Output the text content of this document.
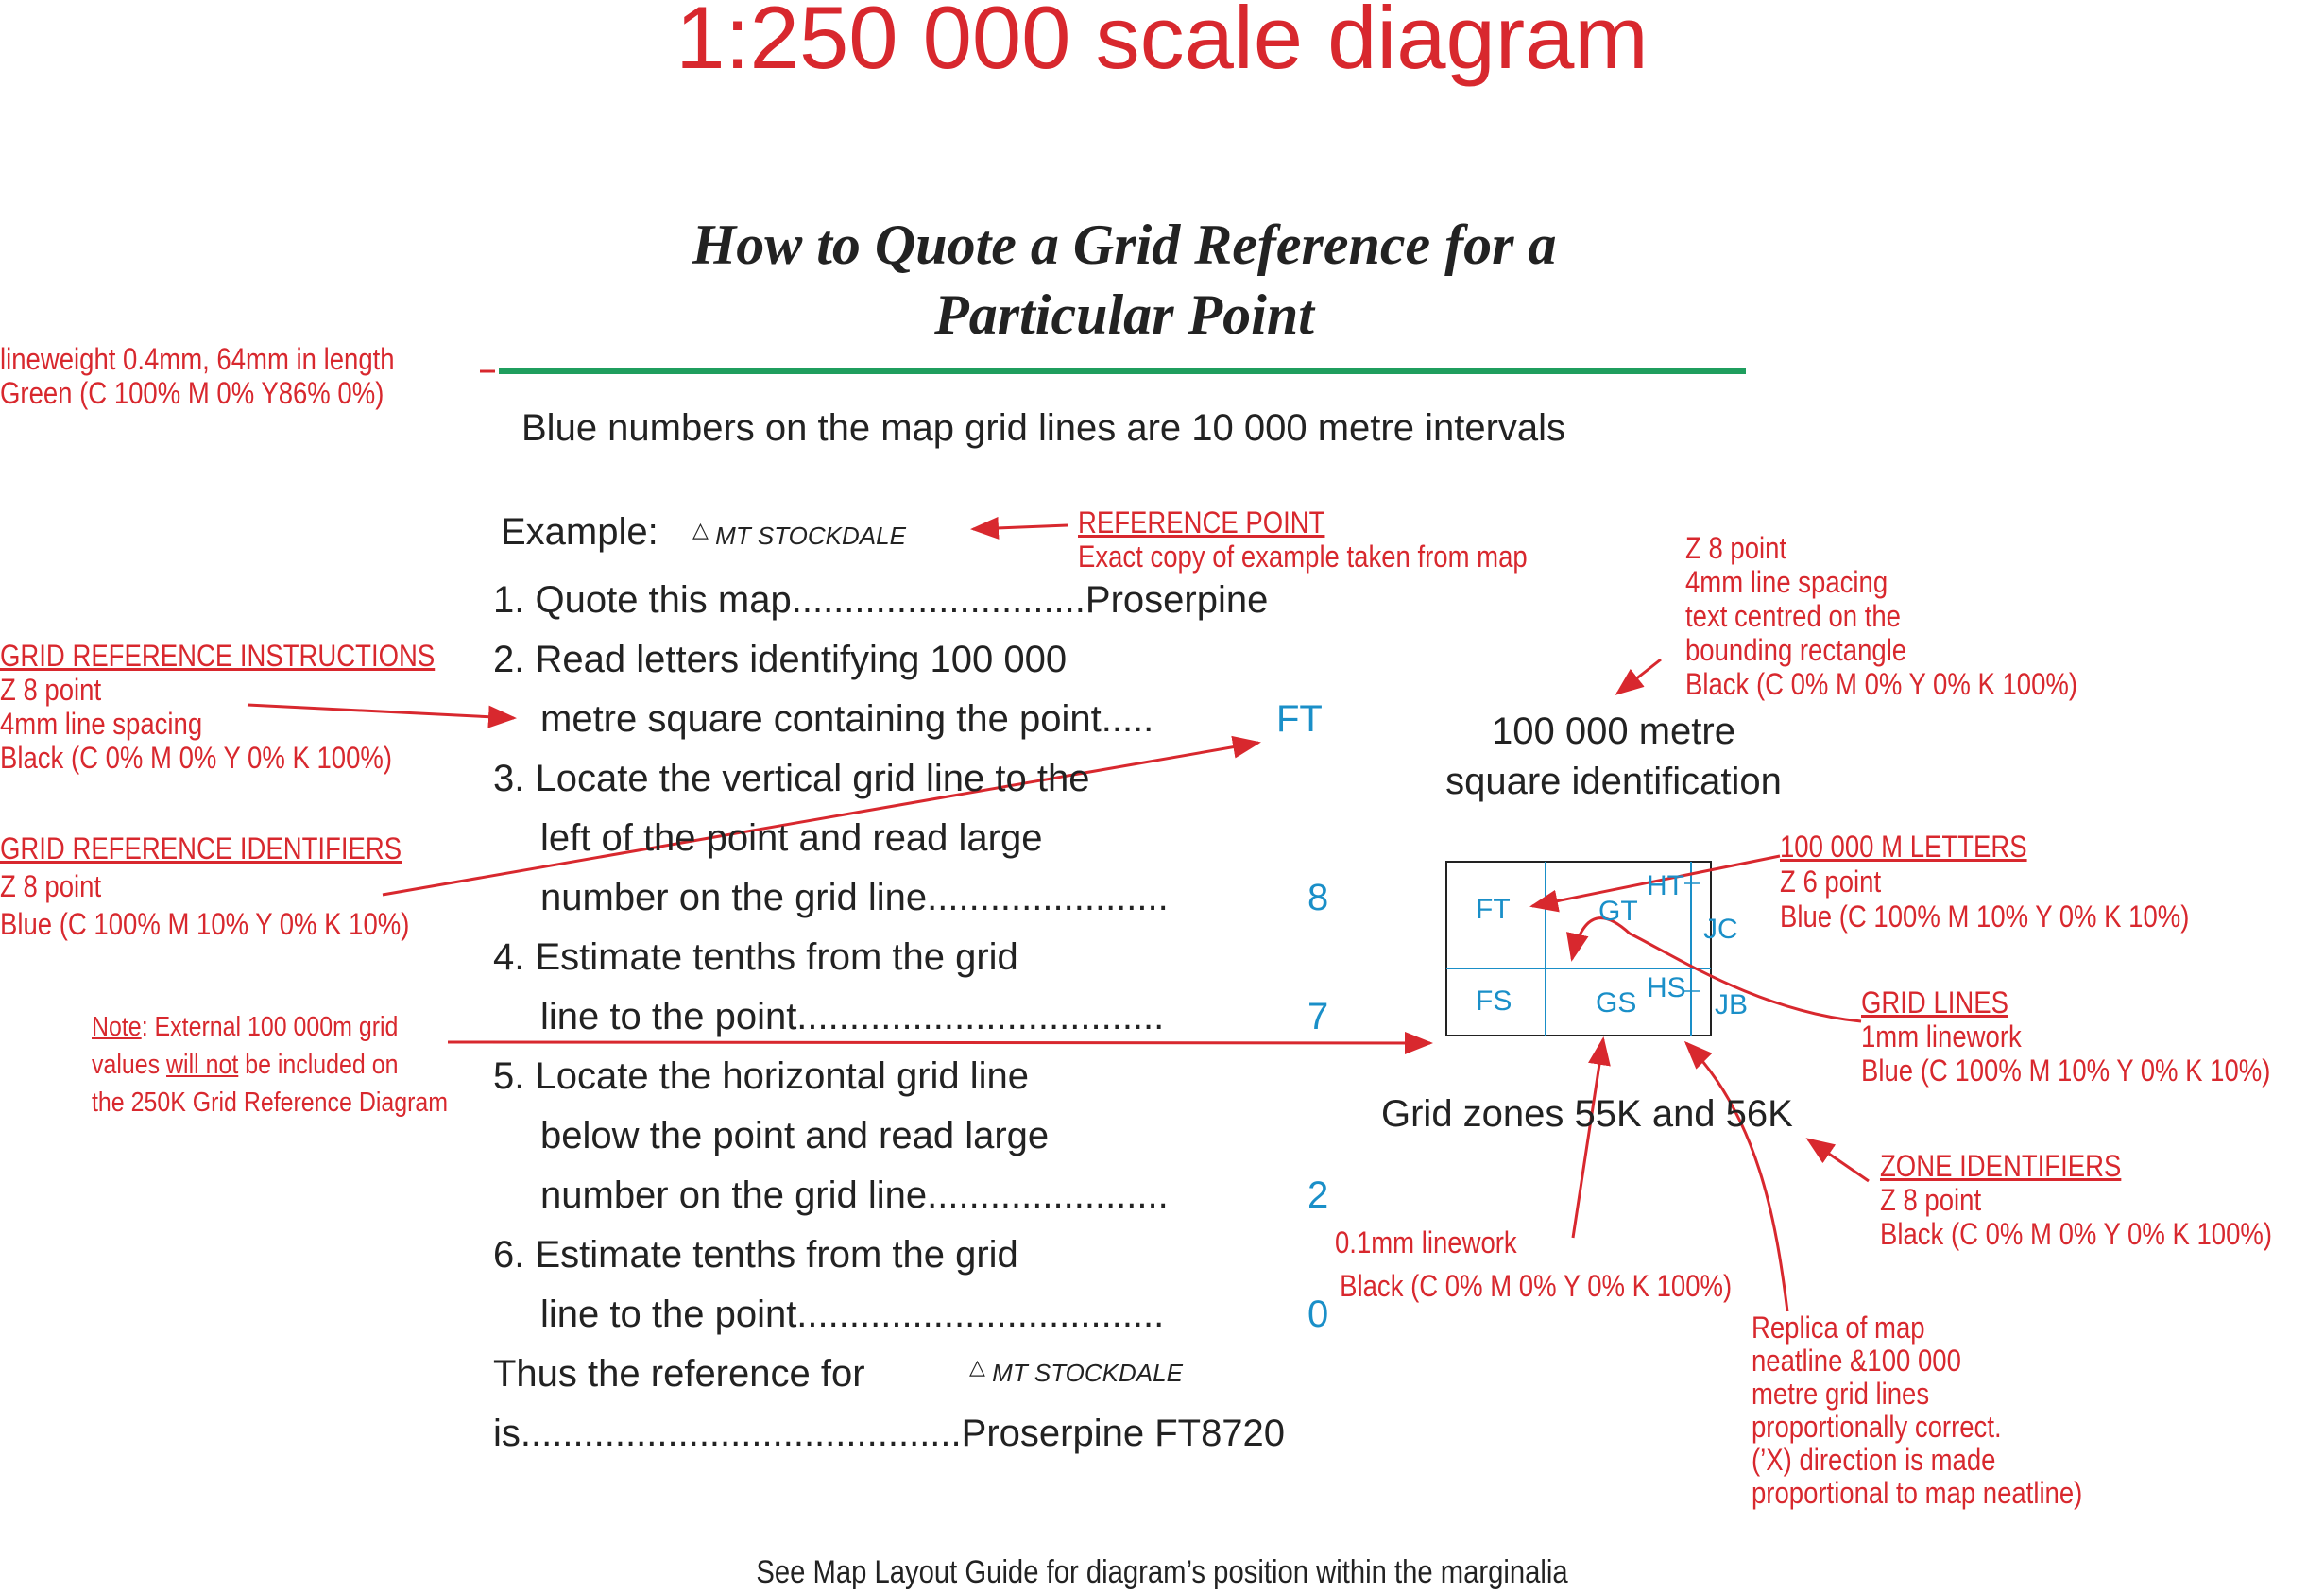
1:250 000 scale diagram
How to Quote a Grid Reference for a
Particular Point
Blue numbers on the map grid lines are 10 000 metre intervals
Example: △ MT STOCKDALE
1. Quote this map............................Proserpine
2. Read letters identifying 100 000
metre square containing the point.....	FT
3. Locate the vertical grid line to the
left of the point and read large
number on the grid line.......................	8
4. Estimate tenths from the grid
line to the point...................................	7
5. Locate the horizontal grid line
below the point and read large
number on the grid line.......................	2
6. Estimate tenths from the grid
line to the point...................................	0
Thus the reference for	△ MT STOCKDALE
is..........................................Proserpine FT8720
100 000 metre
square identification
FT	GT
HT
JC
FS	GS HS
JB
Grid zones 55K and 56K
lineweight 0.4mm, 64mm in length
Green (C 100% M 0% Y86% 0%)
REFERENCE POINT
Exact copy of example taken from map	Z 8 point
4mm line spacing
text centred on the
bounding rectangle
Black (C 0% M 0% Y 0% K 100%)
GRID REFERENCE INSTRUCTIONS
Z 8 point
4mm line spacing
Black (C 0% M 0% Y 0% K 100%)
GRID REFERENCE IDENTIFIERS
Z 8 point
Blue (C 100% M 10% Y 0% K 10%)
Note: External 100 000m grid
values will not be included on
the 250K Grid Reference Diagram
100 000 M LETTERS
Z 6 point
Blue (C 100% M 10% Y 0% K 10%)
GRID LINES
1mm linework
Blue (C 100% M 10% Y 0% K 10%)
ZONE IDENTIFIERS
Z 8 point
Black (C 0% M 0% Y 0% K 100%)
0.1mm linework
Black (C 0% M 0% Y 0% K 100%)
Replica of map
neatline &100 000
metre grid lines
proportionally correct.
(’X) direction is made
proportional to map neatline)
See Map Layout Guide for diagram’s position within the marginalia
